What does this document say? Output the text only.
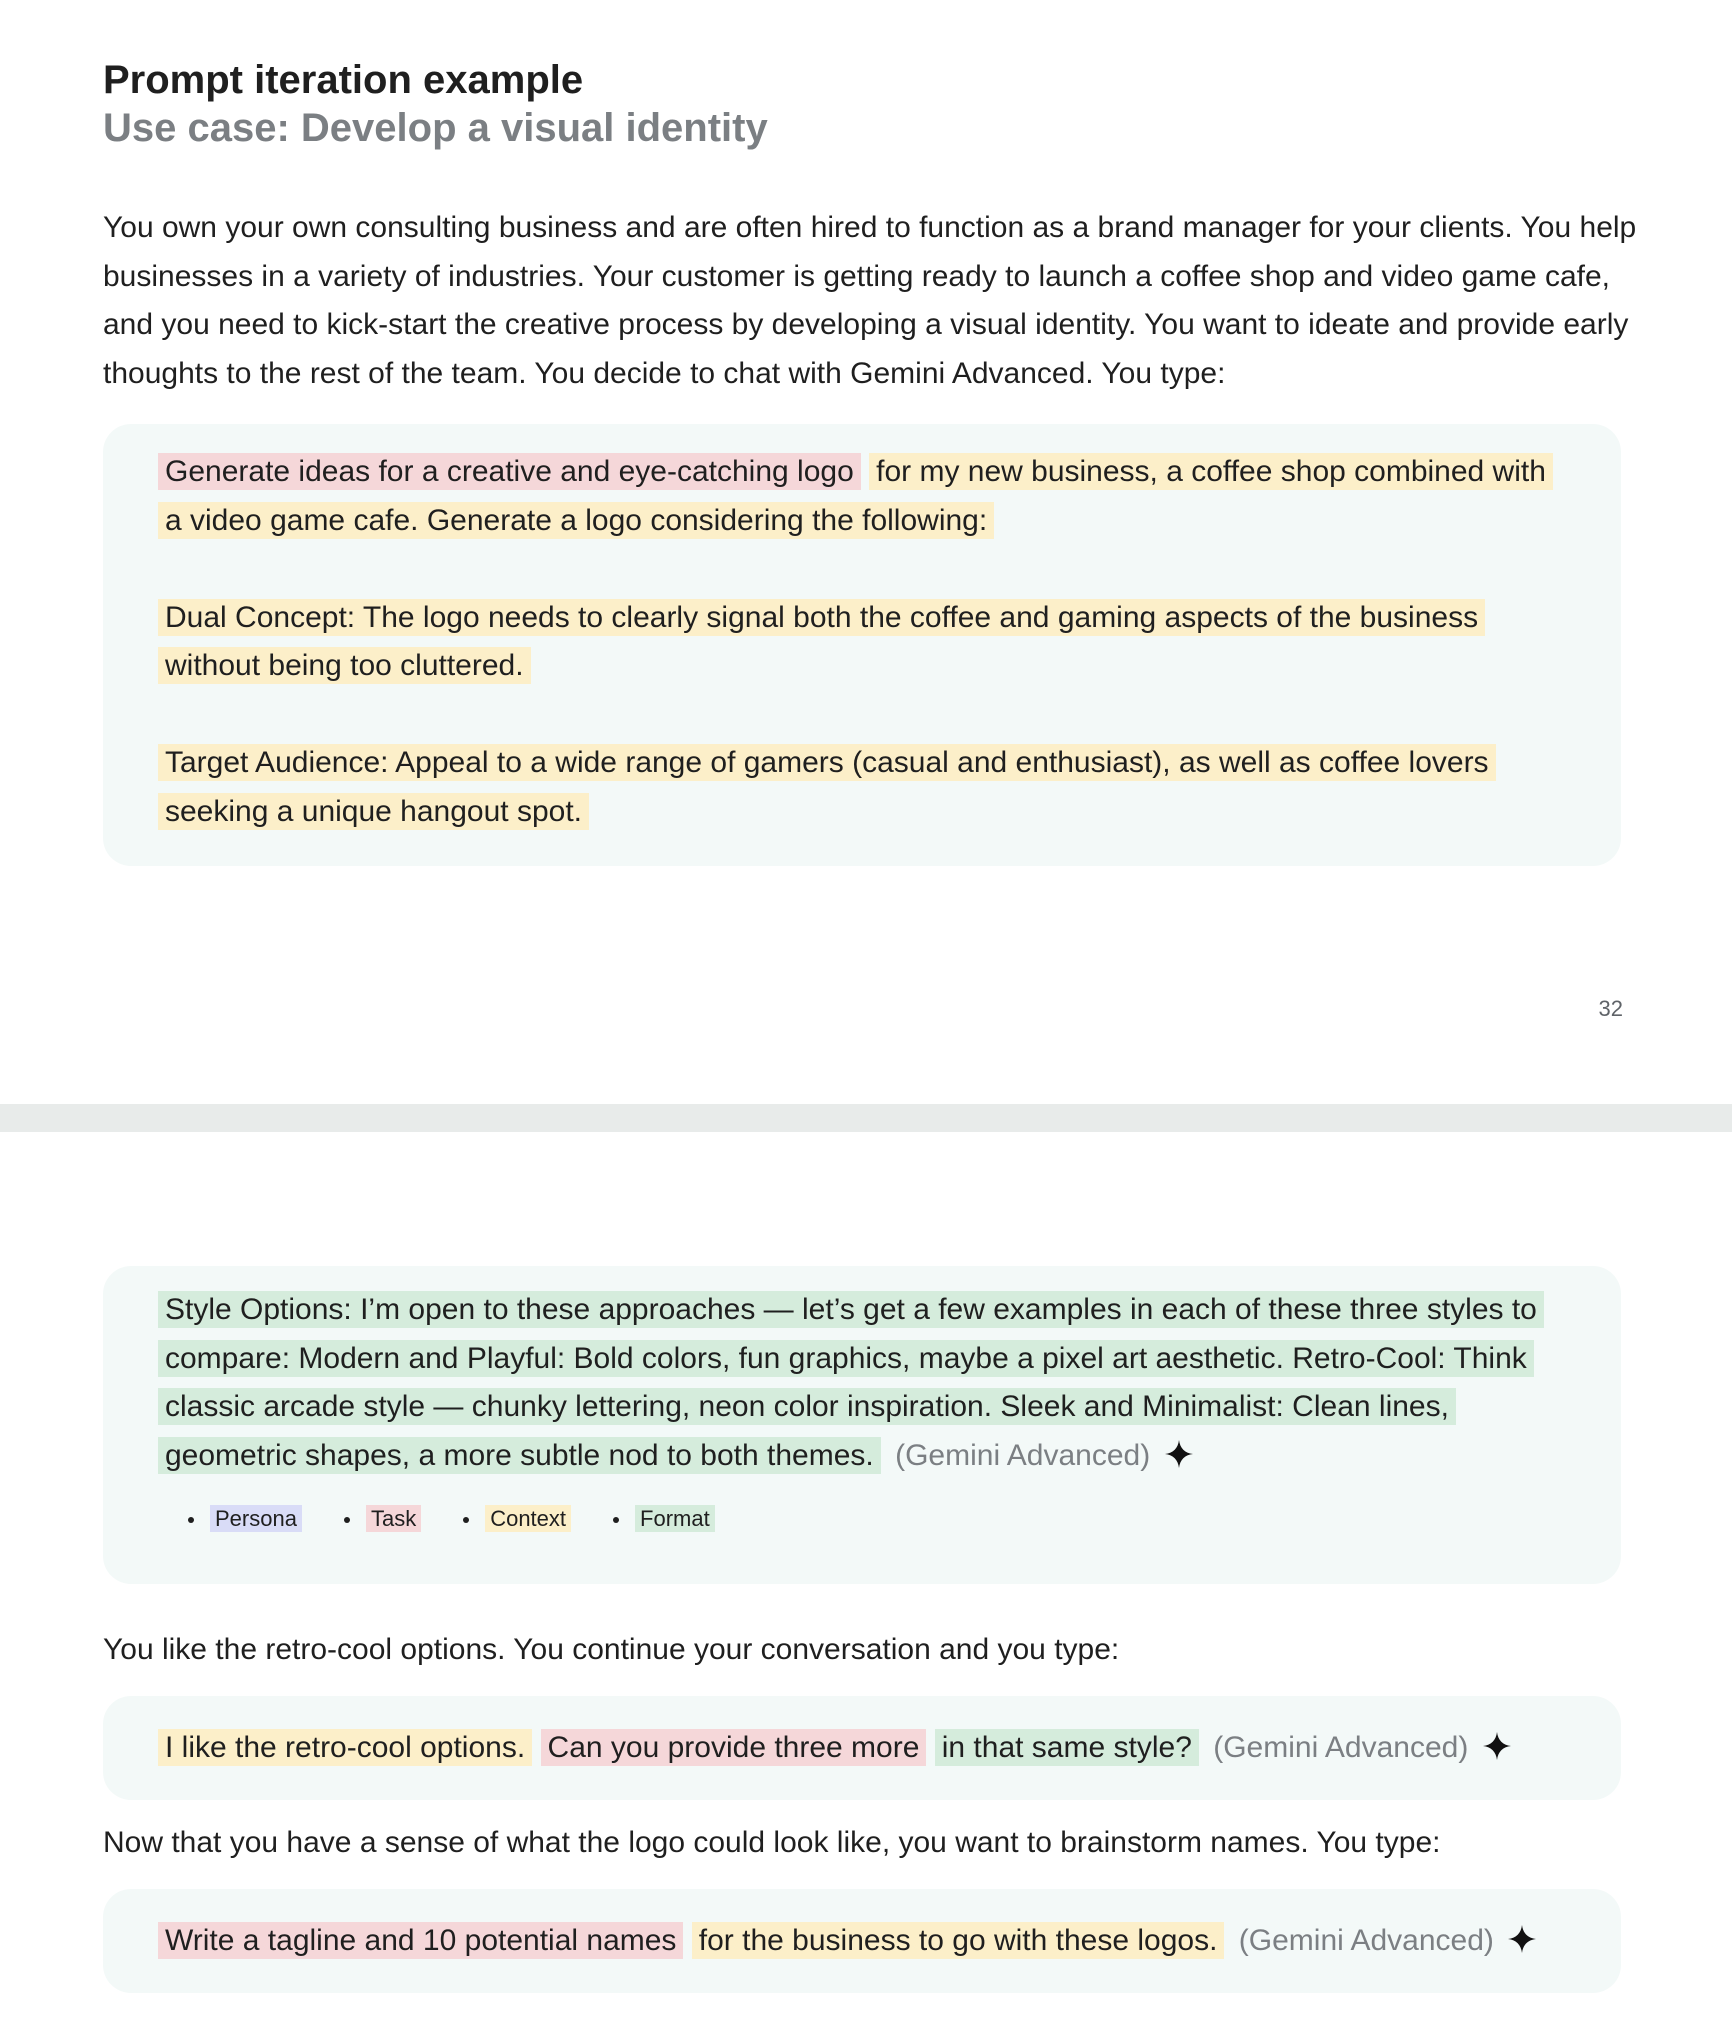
Prompt iteration example
Use case: Develop a visual identity

You own your own consulting business and are often hired to function as a brand manager for your clients. You help businesses in a variety of industries. Your customer is getting ready to launch a coffee shop and video game cafe, and you need to kick-start the creative process by developing a visual identity. You want to ideate and provide early thoughts to the rest of the team. You decide to chat with Gemini Advanced. You type:

Generate ideas for a creative and eye-catching logo for my new business, a coffee shop combined with

a video game cafe. Generate a logo considering the following:

Dual Concept: The logo needs to clearly signal both the coffee and gaming aspects of the business

without being too cluttered.

Target Audience: Appeal to a wide range of gamers (casual and enthusiast), as well as coffee lovers

seeking a unique hangout spot.

32

Style Options: I’m open to these approaches — let’s get a few examples in each of these three styles to

compare: Modern and Playful: Bold colors, fun graphics, maybe a pixel art aesthetic. Retro-Cool: Think

classic arcade style — chunky lettering, neon color inspiration. Sleek and Minimalist: Clean lines,

geometric shapes, a more subtle nod to both themes. (Gemini Advanced)

Persona	Task	Context	Format

You like the retro-cool options. You continue your conversation and you type:

I like the retro-cool options. Can you provide three more in that same style? (Gemini Advanced)

Now that you have a sense of what the logo could look like, you want to brainstorm names. You type:

Write a tagline and 10 potential names for the business to go with these logos. (Gemini Advanced)
